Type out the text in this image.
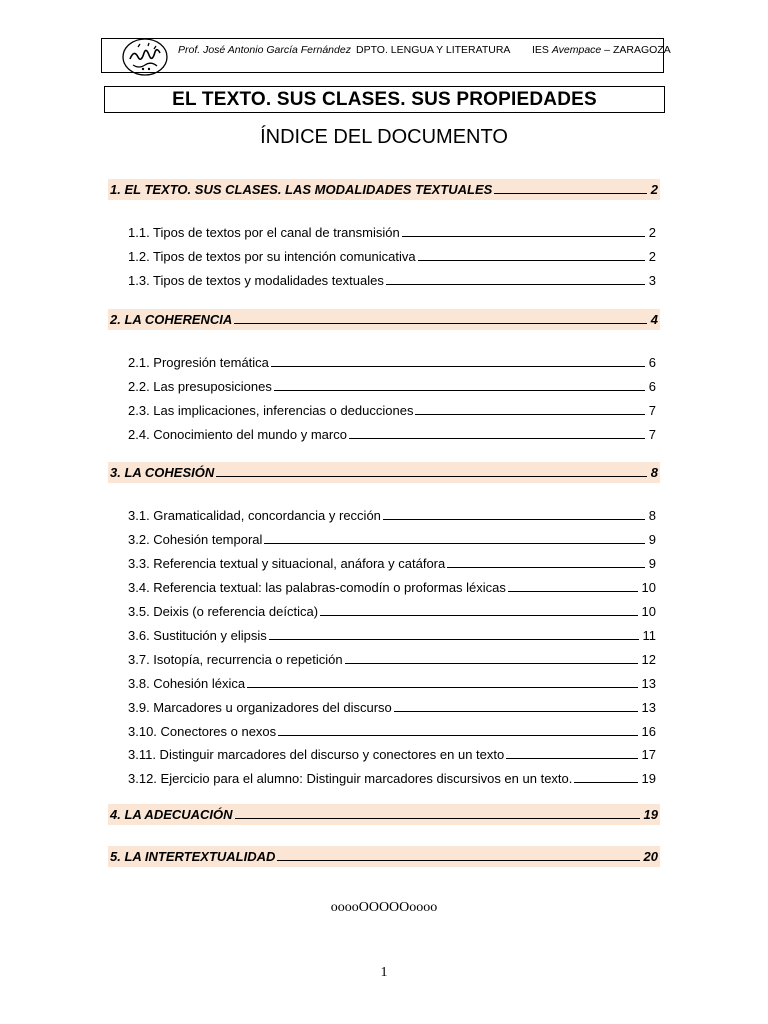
Prof. José Antonio García Fernández DPTO. LENGUA Y LITERATURA IES Avempace – ZARAGOZA
EL TEXTO. SUS CLASES. SUS PROPIEDADES
ÍNDICE DEL DOCUMENTO
1. EL TEXTO. SUS CLASES. LAS MODALIDADES TEXTUALES	2
1.1. Tipos de textos por el canal de transmisión	2
1.2. Tipos de textos por su intención comunicativa	2
1.3. Tipos de textos y modalidades textuales	3
2. LA COHERENCIA	4
2.1. Progresión temática	6
2.2. Las presuposiciones	6
2.3. Las implicaciones, inferencias o deducciones	7
2.4. Conocimiento del mundo y marco	7
3. LA COHESIÓN	8
3.1. Gramaticalidad, concordancia y rección	8
3.2. Cohesión temporal	9
3.3. Referencia textual y situacional, anáfora y catáfora	9
3.4. Referencia textual: las palabras-comodín o proformas léxicas	10
3.5. Deixis (o referencia deíctica)	10
3.6. Sustitución y elipsis	11
3.7. Isotopía, recurrencia o repetición	12
3.8. Cohesión léxica	13
3.9. Marcadores u organizadores del discurso	13
3.10. Conectores o nexos	16
3.11. Distinguir marcadores del discurso y conectores en un texto	17
3.12. Ejercicio para el alumno: Distinguir marcadores discursivos en un texto.	19
4. LA ADECUACIÓN	19
5. LA INTERTEXTUALIDAD	20
ooooOOOOOoooo
1
